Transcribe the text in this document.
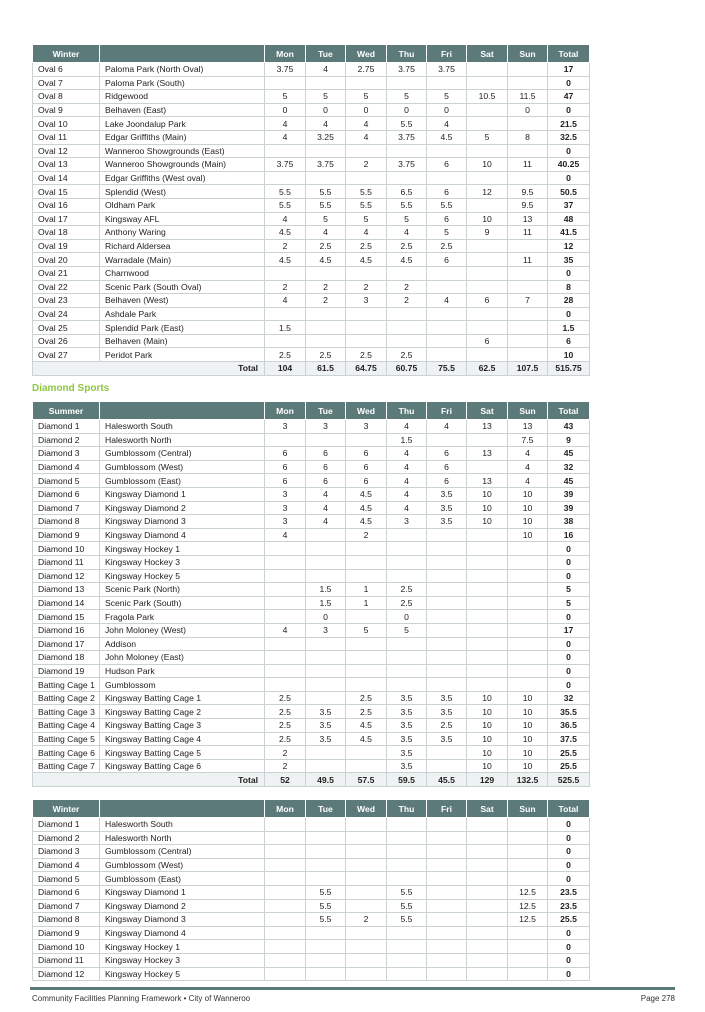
Winter		Mon	Tue	Wed	Thu	Fri	Sat	Sun	Total
Oval 6	Paloma Park (North Oval)	3.75	4	2.75	3.75	3.75			17
Oval 7	Paloma Park (South)								0
Oval 8	Ridgewood	5	5	5	5	5	10.5	11.5	47
Oval 9	Belhaven (East)	0	0	0	0	0		0	0
Oval 10	Lake Joondalup Park	4	4	4	5.5	4			21.5
Oval 11	Edgar Griffiths (Main)	4	3.25	4	3.75	4.5	5	8	32.5
Oval 12	Wanneroo Showgrounds (East)								0
Oval 13	Wanneroo Showgrounds (Main)	3.75	3.75	2	3.75	6	10	11	40.25
Oval 14	Edgar Griffiths (West oval)								0
Oval 15	Splendid (West)	5.5	5.5	5.5	6.5	6	12	9.5	50.5
Oval 16	Oldham Park	5.5	5.5	5.5	5.5	5.5		9.5	37
Oval 17	Kingsway AFL	4	5	5	5	6	10	13	48
Oval 18	Anthony Waring	4.5	4	4	4	5	9	11	41.5
Oval 19	Richard Aldersea	2	2.5	2.5	2.5	2.5			12
Oval 20	Warradale (Main)	4.5	4.5	4.5	4.5	6		11	35
Oval 21	Charnwood								0
Oval 22	Scenic Park (South Oval)	2	2	2	2				8
Oval 23	Belhaven (West)	4	2	3	2	4	6	7	28
Oval 24	Ashdale Park								0
Oval 25	Splendid Park (East)	1.5							1.5
Oval 26	Belhaven (Main)						6		6
Oval 27	Peridot Park	2.5	2.5	2.5	2.5				10
Total		104	61.5	64.75	60.75	75.5	62.5	107.5	515.75
Diamond Sports
Summer		Mon	Tue	Wed	Thu	Fri	Sat	Sun	Total
Diamond 1	Halesworth South	3	3	3	4	4	13	13	43
Diamond 2	Halesworth North				1.5			7.5	9
Diamond 3	Gumblossom (Central)	6	6	6	4	6	13	4	45
Diamond 4	Gumblossom (West)	6	6	6	4	6		4	32
Diamond 5	Gumblossom (East)	6	6	6	4	6	13	4	45
Diamond 6	Kingsway Diamond 1	3	4	4.5	4	3.5	10	10	39
Diamond 7	Kingsway Diamond 2	3	4	4.5	4	3.5	10	10	39
Diamond 8	Kingsway Diamond 3	3	4	4.5	3	3.5	10	10	38
Diamond 9	Kingsway Diamond 4	4		2				10	16
Diamond 10	Kingsway Hockey 1								0
Diamond 11	Kingsway Hockey 3								0
Diamond 12	Kingsway Hockey 5								0
Diamond 13	Scenic Park (North)		1.5	1	2.5				5
Diamond 14	Scenic Park (South)		1.5	1	2.5				5
Diamond 15	Fragola Park		0		0				0
Diamond 16	John Moloney (West)	4	3	5	5				17
Diamond 17	Addison								0
Diamond 18	John Moloney (East)								0
Diamond 19	Hudson Park								0
Batting Cage 1	Gumblossom								0
Batting Cage 2	Kingsway Batting Cage 1	2.5		2.5	3.5	3.5	10	10	32
Batting Cage 3	Kingsway Batting Cage 2	2.5	3.5	2.5	3.5	3.5	10	10	35.5
Batting Cage 4	Kingsway Batting Cage 3	2.5	3.5	4.5	3.5	2.5	10	10	36.5
Batting Cage 5	Kingsway Batting Cage 4	2.5	3.5	4.5	3.5	3.5	10	10	37.5
Batting Cage 6	Kingsway Batting Cage 5	2			3.5		10	10	25.5
Batting Cage 7	Kingsway Batting Cage 6	2			3.5		10	10	25.5
Total		52	49.5	57.5	59.5	45.5	129	132.5	525.5
Winter		Mon	Tue	Wed	Thu	Fri	Sat	Sun	Total
Diamond 1	Halesworth South								0
Diamond 2	Halesworth North								0
Diamond 3	Gumblossom (Central)								0
Diamond 4	Gumblossom (West)								0
Diamond 5	Gumblossom (East)								0
Diamond 6	Kingsway Diamond 1		5.5		5.5			12.5	23.5
Diamond 7	Kingsway Diamond 2		5.5		5.5			12.5	23.5
Diamond 8	Kingsway Diamond 3		5.5	2	5.5			12.5	25.5
Diamond 9	Kingsway Diamond 4								0
Diamond 10	Kingsway Hockey 1								0
Diamond 11	Kingsway Hockey 3								0
Diamond 12	Kingsway Hockey 5								0
Community Facilities Planning Framework • City of Wanneroo	Page 278
